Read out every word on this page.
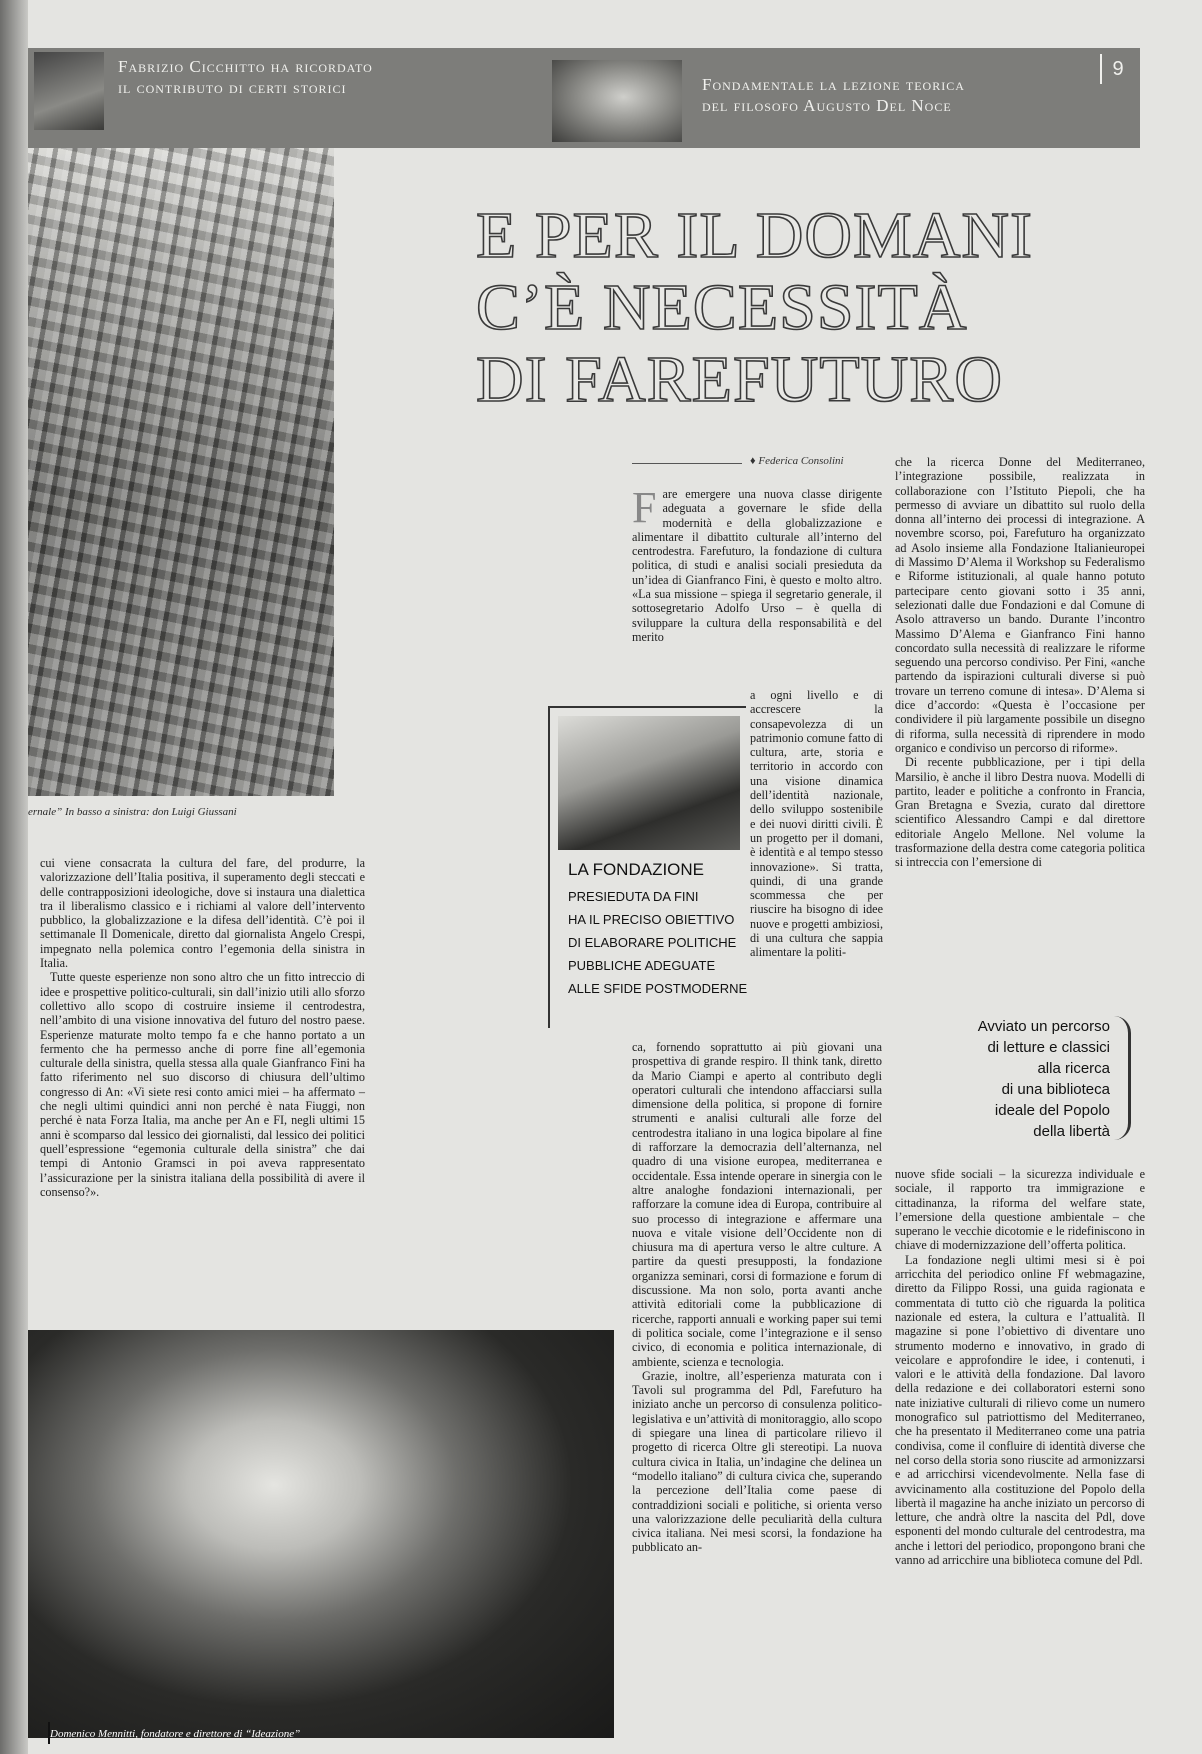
Fabrizio Cicchitto ha ricordato
il contributo di certi storici	Fondamentale la lezione teorica
del filosofo Augusto Del Noce
9
ernale” In basso a sinistra: don Luigi Giussani
E PER IL DOMANI
C’È NECESSITÀ
DI FAREFUTURO
♦ Federica Consolini

cui viene consacrata la cultura del fare, del produrre, la valorizzazione dell’Italia positiva, il superamento degli steccati e delle contrapposizioni ideologiche, dove si instaura una dialettica tra il liberalismo classico e i richiami al valore dell’intervento pubblico, la globalizzazione e la difesa dell’identità. C’è poi il settimanale Il Domenicale, diretto dal giornalista Angelo Crespi, impegnato nella polemica contro l’egemonia della sinistra in Italia.

Tutte queste esperienze non sono altro che un fitto intreccio di idee e prospettive politico-culturali, sin dall’inizio utili allo sforzo collettivo allo scopo di costruire insieme il centrodestra, nell’ambito di una visione innovativa del futuro del nostro paese. Esperienze maturate molto tempo fa e che hanno portato a un fermento che ha permesso anche di porre fine all’egemonia culturale della sinistra, quella stessa alla quale Gianfranco Fini ha fatto riferimento nel suo discorso di chiusura dell’ultimo congresso di An: «Vi siete resi conto amici miei – ha affermato – che negli ultimi quindici anni non perché è nata Fiuggi, non perché è nata Forza Italia, ma anche per An e FI, negli ultimi 15 anni è scomparso dal lessico dei giornalisti, dal lessico dei politici quell’espressione “egemonia culturale della sinistra” che dai tempi di Antonio Gramsci in poi aveva rappresentato l’assicurazione per la sinistra italiana della possibilità di avere il consenso?».

F are emergere una nuova classe dirigente adeguata a governare le sfide della modernità e della globalizzazione e alimentare il dibattito culturale all’interno del centrodestra. Farefuturo, la fondazione di cultura politica, di studi e analisi sociali presieduta da un’idea di Gianfranco Fini, è questo e molto altro. «La sua missione – spiega il segretario generale, il sottosegretario Adolfo Urso – è quella di sviluppare la cultura della responsabilità e del merito
LA FONDAZIONE
PRESIEDUTA DA FINI
HA IL PRECISO OBIETTIVO
DI ELABORARE POLITICHE
PUBBLICHE ADEGUATE
ALLE SFIDE POSTMODERNE
a ogni livello e di accrescere la consapevolezza di un patrimonio comune fatto di cultura, arte, storia e territorio in accordo con una visione dinamica dell’identità nazionale, dello sviluppo sostenibile e dei nuovi diritti civili. È un progetto per il domani, è identità e al tempo stesso innovazione». Si tratta, quindi, di una grande scommessa che per riuscire ha bisogno di idee nuove e progetti ambiziosi, di una cultura che sappia alimentare la politi-

ca, fornendo soprattutto ai più giovani una prospettiva di grande respiro. Il think tank, diretto da Mario Ciampi e aperto al contributo degli operatori culturali che intendono affacciarsi sulla dimensione della politica, si propone di fornire strumenti e analisi culturali alle forze del centrodestra italiano in una logica bipolare al fine di rafforzare la democrazia dell’alternanza, nel quadro di una visione europea, mediterranea e occidentale. Essa intende operare in sinergia con le altre analoghe fondazioni internazionali, per rafforzare la comune idea di Europa, contribuire al suo processo di integrazione e affermare una nuova e vitale visione dell’Occidente non di chiusura ma di apertura verso le altre culture. A partire da questi presupposti, la fondazione organizza seminari, corsi di formazione e forum di discussione. Ma non solo, porta avanti anche attività editoriali come la pubblicazione di ricerche, rapporti annuali e working paper sui temi di politica sociale, come l’integrazione e il senso civico, di economia e politica internazionale, di ambiente, scienza e tecnologia.

Grazie, inoltre, all’esperienza maturata con i Tavoli sul programma del Pdl, Farefuturo ha iniziato anche un percorso di consulenza politico-legislativa e un’attività di monitoraggio, allo scopo di spiegare una linea di particolare rilievo il progetto di ricerca Oltre gli stereotipi. La nuova cultura civica in Italia, un’indagine che delinea un “modello italiano” di cultura civica che, superando la percezione dell’Italia come paese di contraddizioni sociali e politiche, si orienta verso una valorizzazione delle peculiarità della cultura civica italiana. Nei mesi scorsi, la fondazione ha pubblicato an-

che la ricerca Donne del Mediterraneo, l’integrazione possibile, realizzata in collaborazione con l’Istituto Piepoli, che ha permesso di avviare un dibattito sul ruolo della donna all’interno dei processi di integrazione. A novembre scorso, poi, Farefuturo ha organizzato ad Asolo insieme alla Fondazione Italianieuropei di Massimo D’Alema il Workshop su Federalismo e Riforme istituzionali, al quale hanno potuto partecipare cento giovani sotto i 35 anni, selezionati dalle due Fondazioni e dal Comune di Asolo attraverso un bando. Durante l’incontro Massimo D’Alema e Gianfranco Fini hanno concordato sulla necessità di realizzare le riforme seguendo una percorso condiviso. Per Fini, «anche partendo da ispirazioni culturali diverse si può trovare un terreno comune di intesa». D’Alema si dice d’accordo: «Questa è l’occasione per condividere il più largamente possibile un disegno di riforma, sulla necessità di riprendere in modo organico e condiviso un percorso di riforme».

Di recente pubblicazione, per i tipi della Marsilio, è anche il libro Destra nuova. Modelli di partito, leader e politiche a confronto in Francia, Gran Bretagna e Svezia, curato dal direttore scientifico Alessandro Campi e dal direttore editoriale Angelo Mellone. Nel volume la trasformazione della destra come categoria politica si intreccia con l’emersione di

Avviato un percorso
di letture e classici
alla ricerca
di una biblioteca
ideale del Popolo
della libertà

nuove sfide sociali – la sicurezza individuale e sociale, il rapporto tra immigrazione e cittadinanza, la riforma del welfare state, l’emersione della questione ambientale – che superano le vecchie dicotomie e le ridefiniscono in chiave di modernizzazione dell’offerta politica.

La fondazione negli ultimi mesi si è poi arricchita del periodico online Ff webmagazine, diretto da Filippo Rossi, una guida ragionata e commentata di tutto ciò che riguarda la politica nazionale ed estera, la cultura e l’attualità. Il magazine si pone l’obiettivo di diventare uno strumento moderno e innovativo, in grado di veicolare e approfondire le idee, i contenuti, i valori e le attività della fondazione. Dal lavoro della redazione e dei collaboratori esterni sono nate iniziative culturali di rilievo come un numero monografico sul patriottismo del Mediterraneo, che ha presentato il Mediterraneo come una patria condivisa, come il confluire di identità diverse che nel corso della storia sono riuscite ad armonizzarsi e ad arricchirsi vicendevolmente. Nella fase di avvicinamento alla costituzione del Popolo della libertà il magazine ha anche iniziato un percorso di letture, che andrà oltre la nascita del Pdl, dove esponenti del mondo culturale del centrodestra, ma anche i lettori del periodico, propongono brani che vanno ad arricchire una biblioteca comune del Pdl.

Domenico Mennitti, fondatore e direttore di “Ideazione”
